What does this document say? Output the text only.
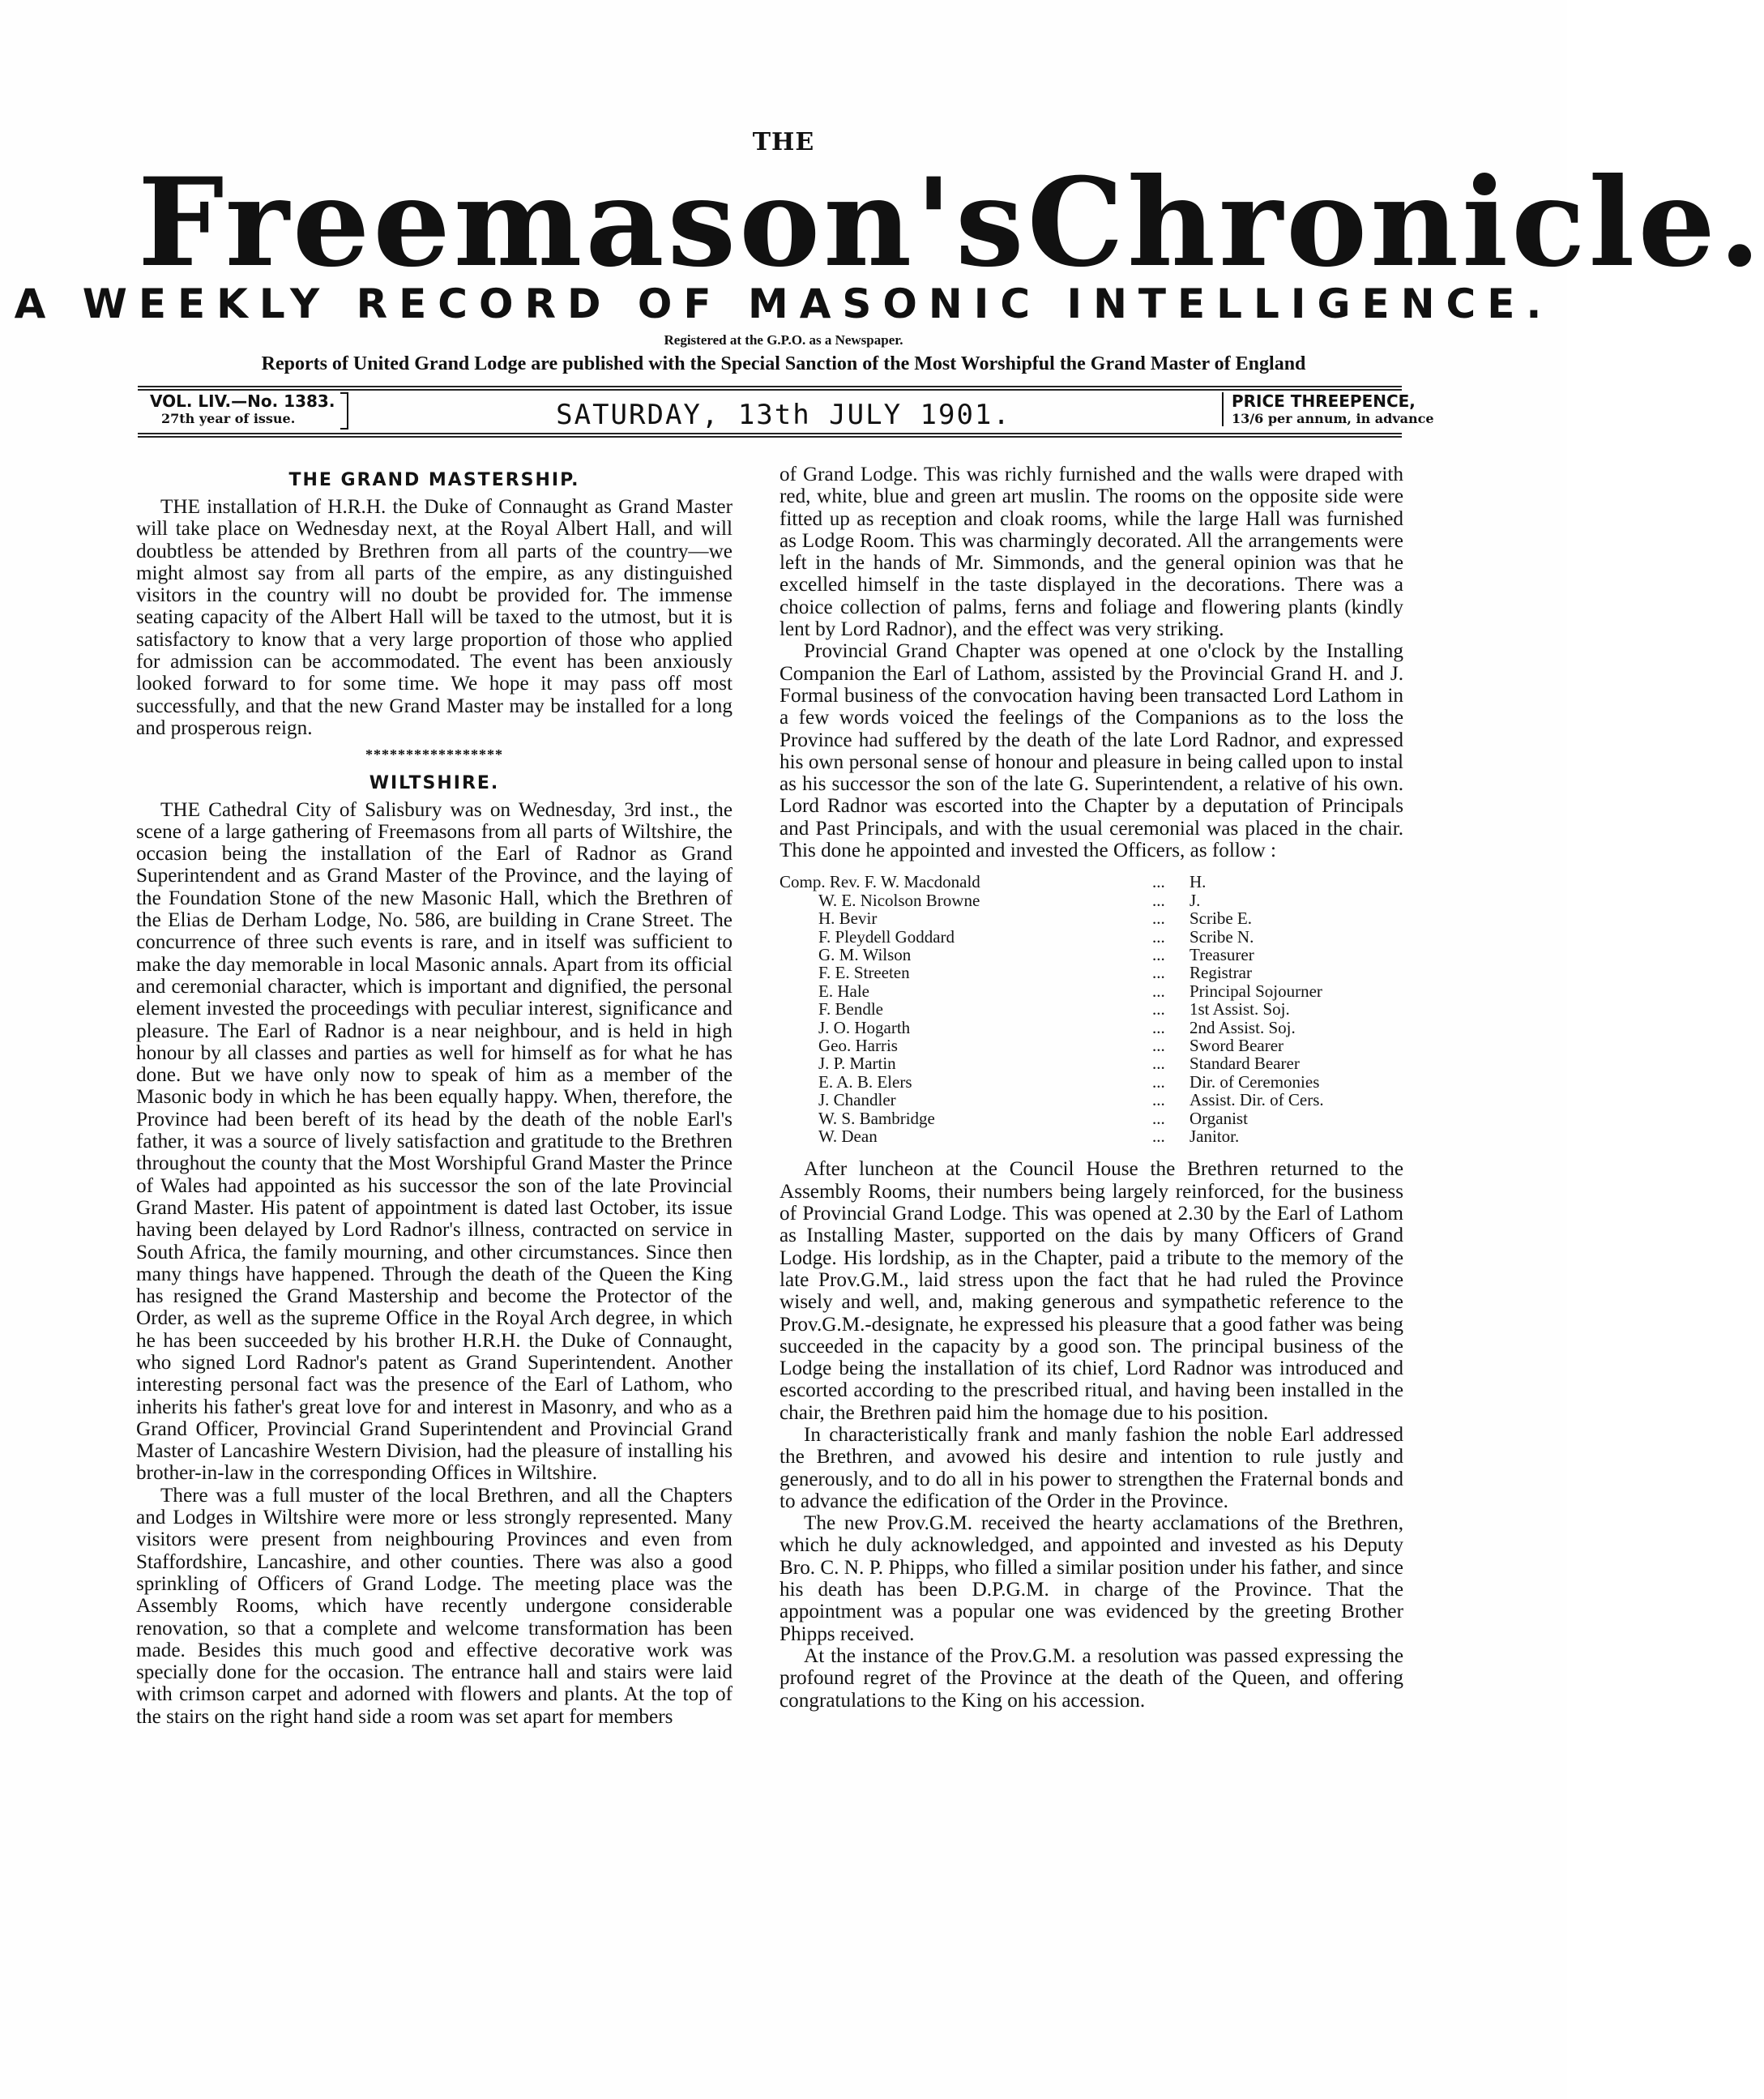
THE
Freemason's Chronicle.
A WEEKLY RECORD OF MASONIC INTELLIGENCE.
Registered at the G.P.O. as a Newspaper.
Reports of United Grand Lodge are published with the Special Sanction of the Most Worshipful the Grand Master of England
VOL. LIV.—No. 1383.
27th year of issue.	SATURDAY, 13th JULY 1901.	PRICE THREEPENCE,
13/6 per annum, in advance
THE GRAND MASTERSHIP.

THE installation of H.R.H. the Duke of Connaught as Grand Master will take place on Wednesday next, at the Royal Albert Hall, and will doubtless be attended by Brethren from all parts of the country—we might almost say from all parts of the empire, as any distinguished visitors in the country will no doubt be provided for. The immense seating capacity of the Albert Hall will be taxed to the utmost, but it is satisfactory to know that a very large proportion of those who applied for admission can be accommodated. The event has been anxiously looked forward to for some time. We hope it may pass off most successfully, and that the new Grand Master may be installed for a long and prosperous reign.

*****************
WILTSHIRE.

THE Cathedral City of Salisbury was on Wednesday, 3rd inst., the scene of a large gathering of Freemasons from all parts of Wiltshire, the occasion being the installation of the Earl of Radnor as Grand Superintendent and as Grand Master of the Province, and the laying of the Foundation Stone of the new Masonic Hall, which the Brethren of the Elias de Derham Lodge, No. 586, are building in Crane Street. The concurrence of three such events is rare, and in itself was sufficient to make the day memorable in local Masonic annals. Apart from its official and ceremonial character, which is important and dignified, the personal element invested the proceedings with peculiar interest, significance and pleasure. The Earl of Radnor is a near neighbour, and is held in high honour by all classes and parties as well for himself as for what he has done. But we have only now to speak of him as a member of the Masonic body in which he has been equally happy. When, therefore, the Province had been bereft of its head by the death of the noble Earl's father, it was a source of lively satisfaction and gratitude to the Brethren throughout the county that the Most Worshipful Grand Master the Prince of Wales had appointed as his successor the son of the late Provincial Grand Master. His patent of appointment is dated last October, its issue having been delayed by Lord Radnor's illness, contracted on service in South Africa, the family mourning, and other circumstances. Since then many things have happened. Through the death of the Queen the King has resigned the Grand Mastership and become the Protector of the Order, as well as the supreme Office in the Royal Arch degree, in which he has been succeeded by his brother H.R.H. the Duke of Connaught, who signed Lord Radnor's patent as Grand Superintendent. Another interesting personal fact was the presence of the Earl of Lathom, who inherits his father's great love for and interest in Masonry, and who as a Grand Officer, Provincial Grand Superintendent and Provincial Grand Master of Lancashire Western Division, had the pleasure of installing his brother-in-law in the corresponding Offices in Wiltshire.

There was a full muster of the local Brethren, and all the Chapters and Lodges in Wiltshire were more or less strongly represented. Many visitors were present from neighbouring Provinces and even from Staffordshire, Lancashire, and other counties. There was also a good sprinkling of Officers of Grand Lodge. The meeting place was the Assembly Rooms, which have recently undergone considerable renovation, so that a complete and welcome transformation has been made. Besides this much good and effective decorative work was specially done for the occasion. The entrance hall and stairs were laid with crimson carpet and adorned with flowers and plants. At the top of the stairs on the right hand side a room was set apart for members

of Grand Lodge. This was richly furnished and the walls were draped with red, white, blue and green art muslin. The rooms on the opposite side were fitted up as reception and cloak rooms, while the large Hall was furnished as Lodge Room. This was charmingly decorated. All the arrangements were left in the hands of Mr. Simmonds, and the general opinion was that he excelled himself in the taste displayed in the decorations. There was a choice collection of palms, ferns and foliage and flowering plants (kindly lent by Lord Radnor), and the effect was very striking.

Provincial Grand Chapter was opened at one o'clock by the Installing Companion the Earl of Lathom, assisted by the Provincial Grand H. and J. Formal business of the convocation having been transacted Lord Lathom in a few words voiced the feelings of the Companions as to the loss the Province had suffered by the death of the late Lord Radnor, and expressed his own personal sense of honour and pleasure in being called upon to instal as his successor the son of the late G. Superintendent, a relative of his own. Lord Radnor was escorted into the Chapter by a deputation of Principals and Past Principals, and with the usual ceremonial was placed in the chair. This done he appointed and invested the Officers, as follow :

Comp. Rev. F. W. Macdonald	...	H.
W. E. Nicolson Browne	...	J.
H. Bevir	...	Scribe E.
F. Pleydell Goddard	...	Scribe N.
G. M. Wilson	...	Treasurer
F. E. Streeten	...	Registrar
E. Hale	...	Principal Sojourner
F. Bendle	...	1st Assist. Soj.
J. O. Hogarth	...	2nd Assist. Soj.
Geo. Harris	...	Sword Bearer
J. P. Martin	...	Standard Bearer
E. A. B. Elers	...	Dir. of Ceremonies
J. Chandler	...	Assist. Dir. of Cers.
W. S. Bambridge	...	Organist
W. Dean	...	Janitor.

After luncheon at the Council House the Brethren returned to the Assembly Rooms, their numbers being largely reinforced, for the business of Provincial Grand Lodge. This was opened at 2.30 by the Earl of Lathom as Installing Master, supported on the dais by many Officers of Grand Lodge. His lordship, as in the Chapter, paid a tribute to the memory of the late Prov.G.M., laid stress upon the fact that he had ruled the Province wisely and well, and, making generous and sympathetic reference to the Prov.G.M.-designate, he expressed his pleasure that a good father was being succeeded in the capacity by a good son. The principal business of the Lodge being the installation of its chief, Lord Radnor was introduced and escorted according to the prescribed ritual, and having been installed in the chair, the Brethren paid him the homage due to his position.

In characteristically frank and manly fashion the noble Earl addressed the Brethren, and avowed his desire and intention to rule justly and generously, and to do all in his power to strengthen the Fraternal bonds and to advance the edification of the Order in the Province.

The new Prov.G.M. received the hearty acclamations of the Brethren, which he duly acknowledged, and appointed and invested as his Deputy Bro. C. N. P. Phipps, who filled a similar position under his father, and since his death has been D.P.G.M. in charge of the Province. That the appointment was a popular one was evidenced by the greeting Brother Phipps received.

At the instance of the Prov.G.M. a resolution was passed expressing the profound regret of the Province at the death of the Queen, and offering congratulations to the King on his accession.
